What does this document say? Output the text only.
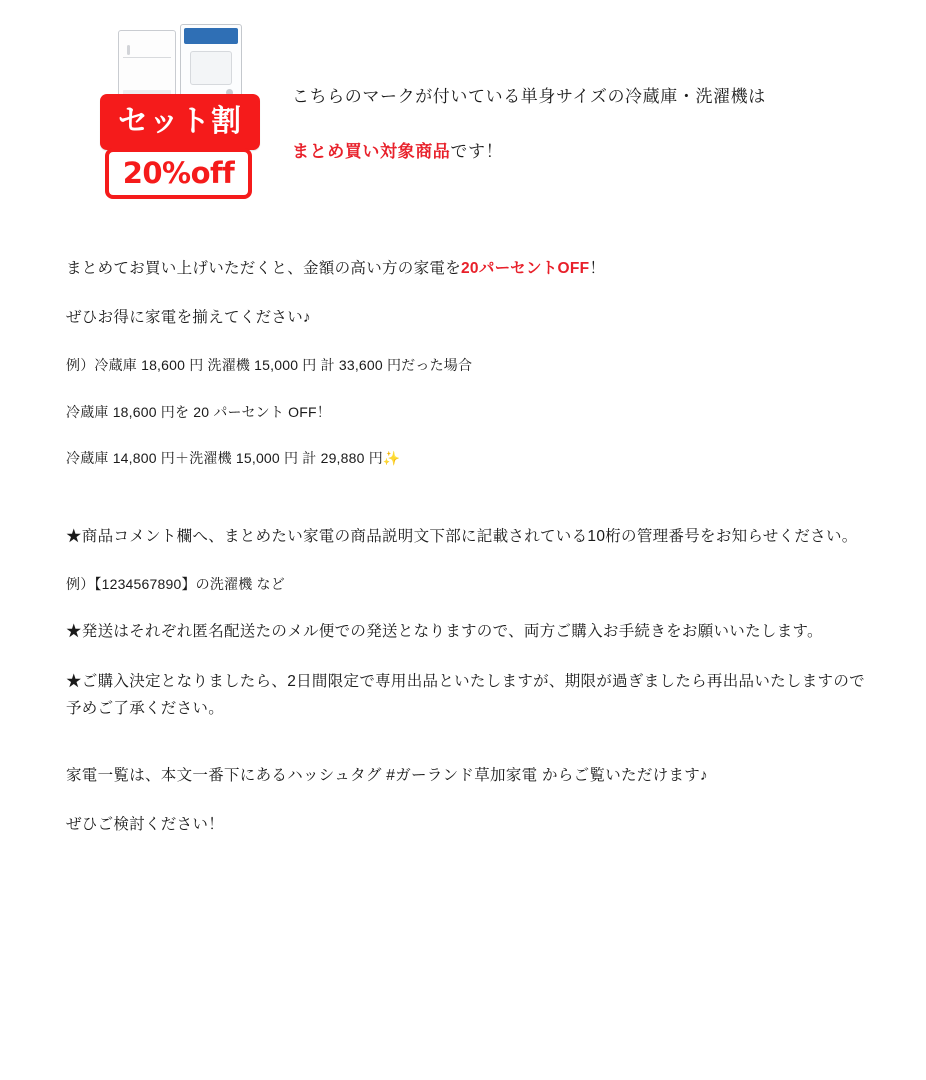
セット割
20%off
こちらのマークが付いている単身サイズの冷蔵庫・洗濯機は
まとめ買い対象商品です！

まとめてお買い上げいただくと、金額の高い方の家電を20パーセントOFF！

ぜひお得に家電を揃えてください♪

例）冷蔵庫 18,600 円 洗濯機 15,000 円 計 33,600 円だった場合

冷蔵庫 18,600 円を 20 パーセント OFF！

冷蔵庫 14,800 円＋洗濯機 15,000 円 計 29,880 円✨

★商品コメント欄へ、まとめたい家電の商品説明文下部に記載されている10桁の管理番号をお知らせください。

例）【1234567890】の洗濯機 など

★発送はそれぞれ匿名配送たのメル便での発送となりますので、両方ご購入お手続きをお願いいたします。

★ご購入決定となりましたら、2日間限定で専用出品といたしますが、期限が過ぎましたら再出品いたしますので予めご了承ください。

家電一覧は、本文一番下にあるハッシュタグ #ガーランド草加家電 からご覧いただけます♪

ぜひご検討ください！
